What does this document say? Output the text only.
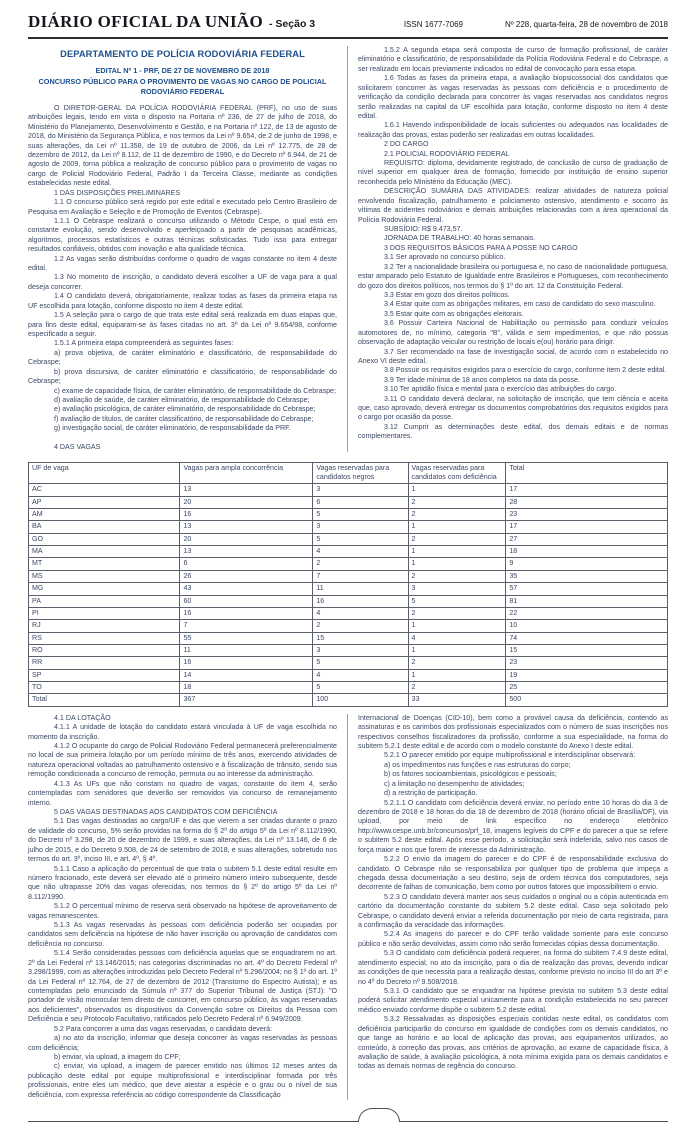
DIÁRIO OFICIAL DA UNIÃO - Seção 3	ISSN 1677-7069	Nº 228, quarta-feira, 28 de novembro de 2018
DEPARTAMENTO DE POLÍCIA RODOVIÁRIA FEDERAL
EDITAL Nº 1 - PRF, DE 27 DE NOVEMBRO DE 2018
CONCURSO PÚBLICO PARA O PROVIMENTO DE VAGAS NO CARGO DE POLICIAL RODOVIÁRIO FEDERAL

O DIRETOR-GERAL DA POLÍCIA RODOVIÁRIA FEDERAL (PRF), no uso de suas atribuições legais, tendo em vista o disposto na Portaria nº 236, de 27 de julho de 2018, do Ministério do Planejamento, Desenvolvimento e Gestão, e na Portaria nº 122, de 13 de agosto de 2018, do Ministério da Segurança Pública, e nos termos da Lei nº 9.654, de 2 de junho de 1998, e suas alterações, da Lei nº 11.358, de 19 de outubro de 2006, da Lei nº 12.775, de 28 de dezembro de 2012, da Lei nº 8.112, de 11 de dezembro de 1990, e do Decreto nº 6.944, de 21 de agosto de 2009, torna pública a realização de concurso público para o provimento de vagas no cargo de Policial Rodoviário Federal, Padrão I da Terceira Classe, mediante as condições estabelecidas neste edital.

1 DAS DISPOSIÇÕES PRELIMINARES

1.1 O concurso público será regido por este edital e executado pelo Centro Brasileiro de Pesquisa em Avaliação e Seleção e de Promoção de Eventos (Cebraspe).

1.1.1 O Cebraspe realizará o concurso utilizando o Método Cespe, o qual está em constante evolução, sendo desenvolvido e aperfeiçoado a partir de pesquisas acadêmicas, algoritmos, processos estatísticos e outras técnicas sofisticadas. Tudo isso para entregar resultados confiáveis, obtidos com inovação e alta qualidade técnica.

1.2 As vagas serão distribuídas conforme o quadro de vagas constante no item 4 deste edital.

1.3 No momento de inscrição, o candidato deverá escolher a UF de vaga para a qual deseja concorrer.

1.4 O candidato deverá, obrigatoriamente, realizar todas as fases da primeira etapa na UF escolhida para lotação, conforme disposto no item 4 deste edital.

1.5 A seleção para o cargo de que trata este edital será realizada em duas etapas que, para fins deste edital, equiparam-se às fases citadas no art. 3º da Lei nº 9.654/98, conforme especificado a seguir.

1.5.1 A primeira etapa compreenderá as seguintes fases:

a) prova objetiva, de caráter eliminatório e classificatório, de responsabilidade do Cebraspe;

b) prova discursiva, de caráter eliminatório e classificatório, de responsabilidade do Cebraspe;

c) exame de capacidade física, de caráter eliminatório, de responsabilidade do Cebraspe;

d) avaliação de saúde, de caráter eliminatório, de responsabilidade do Cebraspe;

e) avaliação psicológica, de caráter eliminatório, de responsabilidade do Cebraspe;

f) avaliação de títulos, de caráter classificatório, de responsabilidade do Cebraspe;

g) investigação social, de caráter eliminatório, de responsabilidade da PRF.

4 DAS VAGAS

1.5.2 A segunda etapa será composta de curso de formação profissional, de caráter eliminatório e classificatório, de responsabilidade da Polícia Rodoviária Federal e do Cebraspe, a ser realizado em locais previamente indicados no edital de convocação para essa etapa.

1.6 Todas as fases da primeira etapa, a avaliação biopsicossocial dos candidatos que solicitarem concorrer às vagas reservadas às pessoas com deficiência e o procedimento de verificação da condição declarada para concorrer às vagas reservadas aos candidatos negros serão realizadas na capital da UF escolhida para lotação, conforme disposto no item 4 deste edital.

1.6.1 Havendo indisponibilidade de locais suficientes ou adequados nas localidades de realização das provas, estas poderão ser realizadas em outras localidades.

2 DO CARGO

2.1 POLICIAL RODOVIÁRIO FEDERAL

REQUISITO: diploma, devidamente registrado, de conclusão de curso de graduação de nível superior em qualquer área de formação, fornecido por instituição de ensino superior reconhecida pelo Ministério da Educação (MEC).

DESCRIÇÃO SUMÁRIA DAS ATIVIDADES: realizar atividades de natureza policial envolvendo fiscalização, patrulhamento e policiamento ostensivo, atendimento e socorro às vítimas de acidentes rodoviários e demais atribuições relacionadas com a área operacional da Polícia Rodoviária Federal.

SUBSÍDIO: R$ 9.473,57.

JORNADA DE TRABALHO: 40 horas semanais.

3 DOS REQUISITOS BÁSICOS PARA A POSSE NO CARGO

3.1 Ser aprovado no concurso público.

3.2 Ter a nacionalidade brasileira ou portuguesa e, no caso de nacionalidade portuguesa, estar amparado pelo Estatuto de Igualdade entre Brasileiros e Portugueses, com reconhecimento do gozo dos direitos políticos, nos termos do § 1º do art. 12 da Constituição Federal.

3.3 Estar em gozo dos direitos políticos.

3.4 Estar quite com as obrigações militares, em caso de candidato do sexo masculino.

3.5 Estar quite com as obrigações eleitorais.

3.6 Possuir Carteira Nacional de Habilitação ou permissão para conduzir veículos automotores de, no mínimo, categoria "B", válida e sem impedimentos, e que não possua observação de adaptação veicular ou restrição de locais e(ou) horário para dirigir.

3.7 Ser recomendado na fase de investigação social, de acordo com o estabelecido no Anexo VI deste edital.

3.8 Possuir os requisitos exigidos para o exercício do cargo, conforme item 2 deste edital.

3.9 Ter idade mínima de 18 anos completos na data da posse.

3.10 Ter aptidão física e mental para o exercício das atribuições do cargo.

3.11 O candidato deverá declarar, na solicitação de inscrição, que tem ciência e aceita que, caso aprovado, deverá entregar os documentos comprobatórios dos requisitos exigidos para o cargo por ocasião da posse.

3.12 Cumprir as determinações deste edital, dos demais editais e de normas complementares.

UF de vaga	Vagas para ampla concorrência	Vagas reservadas para candidatos negros	Vagas reservadas para candidatos com deficiência	Total
AC	13	3	1	17
AP	20	6	2	28
AM	16	5	2	23
BA	13	3	1	17
GO	20	5	2	27
MA	13	4	1	18
MT	6	2	1	9
MS	26	7	2	35
MG	43	11	3	57
PA	60	16	5	81
PI	16	4	2	22
RJ	7	2	1	10
RS	55	15	4	74
RO	11	3	1	15
RR	16	5	2	23
SP	14	4	1	19
TO	18	5	2	25
Total	367	100	33	500

4.1 DA LOTAÇÃO

4.1.1 A unidade de lotação do candidato estará vinculada à UF de vaga escolhida no momento da inscrição.

4.1.2 O ocupante do cargo de Policial Rodoviário Federal permanecerá preferencialmente no local de sua primeira lotação por um período mínimo de três anos, exercendo atividades de natureza operacional voltadas ao patrulhamento ostensivo e à fiscalização de trânsito, sendo sua remoção condicionada a concurso de remoção, permuta ou ao interesse da administração.

4.1.3 As UFs que não constam no quadro de vagas, constante do item 4, serão contempladas com servidores que deverão ser removidos via concurso de remanejamento interno.

5 DAS VAGAS DESTINADAS AOS CANDIDATOS COM DEFICIÊNCIA

5.1 Das vagas destinadas ao cargo/UF e das que vierem a ser criadas durante o prazo de validade do concurso, 5% serão providas na forma do § 2º do artigo 5º da Lei nº 8.112/1990, do Decreto nº 3.298, de 20 de dezembro de 1999, e suas alterações, da Lei nº 13.146, de 6 de julho de 2015, e do Decreto 9.508, de 24 de setembro de 2018, e suas alterações, sobretudo nos termos do art. 3º, inciso III, e art. 4º, § 4º.

5.1.1 Caso a aplicação do percentual de que trata o subitem 5.1 deste edital resulte em número fracionado, este deverá ser elevado até o primeiro número inteiro subsequente, desde que não ultrapasse 20% das vagas oferecidas, nos termos do § 2º do artigo 5º da Lei nº 8.112/1990.

5.1.2 O percentual mínimo de reserva será observado na hipótese de aproveitamento de vagas remanescentes.

5.1.3 As vagas reservadas às pessoas com deficiência poderão ser ocupadas por candidatos sem deficiência na hipótese de não haver inscrição ou aprovação de candidatos com deficiência no concurso.

5.1.4 Serão consideradas pessoas com deficiência aquelas que se enquadrarem no art. 2º da Lei Federal nº 13.146/2015; nas categorias discriminadas no art. 4º do Decreto Federal nº 3.298/1999, com as alterações introduzidas pelo Decreto Federal nº 5.296/2004; no § 1º do art. 1º da Lei Federal nº 12.764, de 27 de dezembro de 2012 (Transtorno do Espectro Autista); e as contempladas pelo enunciado da Súmula nº 377 do Superior Tribunal de Justiça (STJ): "O portador de visão monocular tem direito de concorrer, em concurso público, às vagas reservadas aos deficientes", observados os dispositivos da Convenção sobre os Direitos da Pessoa com Deficiência e seu Protocolo Facultativo, ratificados pelo Decreto Federal nº 6.949/2009.

5.2 Para concorrer a uma das vagas reservadas, o candidato deverá:

a) no ato da inscrição, informar que deseja concorrer às vagas reservadas às pessoas com deficiência;

b) enviar, via upload, a imagem do CPF;

c) enviar, via upload, a imagem de parecer emitido nos últimos 12 meses antes da publicação deste edital por equipe multiprofissional e interdisciplinar formada por três profissionais, entre eles um médico, que deve atestar a espécie e o grau ou o nível de sua deficiência, com expressa referência ao código correspondente da Classificação

Internacional de Doenças (CID-10), bem como a provável causa da deficiência, contendo as assinaturas e os carimbos dos profissionais especializados com o número de suas inscrições nos respectivos conselhos fiscalizadores da profissão, conforme a sua especialidade, na forma do subitem 5.2.1 deste edital e de acordo com o modelo constante do Anexo I deste edital.

5.2.1 O parecer emitido por equipe multiprofissional e interdisciplinar observará:

a) os impedimentos nas funções e nas estruturas do corpo;

b) os fatores socioambientais, psicológicos e pessoais;

c) a limitação no desempenho de atividades;

d) a restrição de participação.

5.2.1.1 O candidato com deficiência deverá enviar, no período entre 10 horas do dia 3 de dezembro de 2018 e 18 horas do dia 18 de dezembro de 2018 (horário oficial de Brasília/DF), via upload, por meio de link específico no endereço eletrônico http://www.cespe.unb.br/concursos/prf_18, imagens legíveis do CPF e do parecer a que se refere o subitem 5.2 deste edital. Após esse período, a solicitação será indeferida, salvo nos casos de força maior e nos que forem de interesse da Administração.

5.2.2 O envio da imagem do parecer e do CPF é de responsabilidade exclusiva do candidato. O Cebraspe não se responsabiliza por qualquer tipo de problema que impeça a chegada dessa documentação a seu destino, seja de ordem técnica dos computadores, seja decorrente de falhas de comunicação, bem como por outros fatores que impossibilitem o envio.

5.2.3 O candidato deverá manter aos seus cuidados o original ou a cópia autenticada em cartório da documentação constante do subitem 5.2 deste edital. Caso seja solicitado pelo Cebraspe, o candidato deverá enviar a referida documentação por meio de carta registrada, para a confirmação da veracidade das informações.

5.2.4 As imagens do parecer e do CPF terão validade somente para este concurso público e não serão devolvidas, assim como não serão fornecidas cópias dessa documentação.

5.3 O candidato com deficiência poderá requerer, na forma do subitem 7.4.9 deste edital, atendimento especial, no ato da inscrição, para o dia de realização das provas, devendo indicar as condições de que necessita para a realização destas, conforme previsto no inciso III do art 3º e no 4º do Decreto nº 9.508/2018.

5.3.1 O candidato que se enquadrar na hipótese prevista no subitem 5.3 deste edital poderá solicitar atendimento especial unicamente para a condição estabelecida no seu parecer médico enviado conforme dispõe o subitem 5.2 deste edital.

5.3.2 Ressalvadas as disposições especiais contidas neste edital, os candidatos com deficiência participarão do concurso em igualdade de condições com os demais candidatos, no que tange ao horário e ao local de aplicação das provas, aos equipamentos utilizados, ao conteúdo, à correção das provas, aos critérios de aprovação, ao exame de capacidade física, à avaliação de saúde, à avaliação psicológica, à nota mínima exigida para os demais candidatos e todas as demais normas de regência do concurso.
